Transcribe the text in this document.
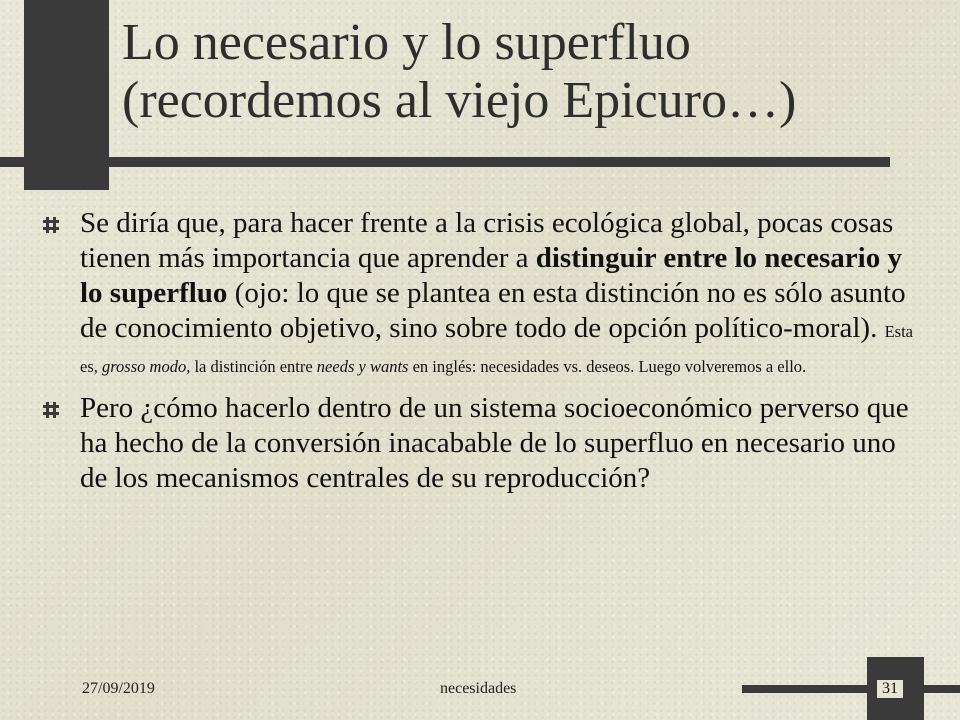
Lo necesario y lo superfluo
(recordemos al viejo Epicuro…)

Se diría que, para hacer frente a la crisis ecológica global, pocas cosas tienen más importancia que aprender a distinguir entre lo necesario y lo superfluo (ojo: lo que se plantea en esta distinción no es sólo asunto de conocimiento objetivo, sino sobre todo de opción político-moral). Esta es, grosso modo, la distinción entre needs y wants en inglés: necesidades vs. deseos. Luego volveremos a ello.

Pero ¿cómo hacerlo dentro de un sistema socioeconómico perverso que ha hecho de la conversión inacabable de lo superfluo en necesario uno de los mecanismos centrales de su reproducción?

27/09/2019	necesidades	31
